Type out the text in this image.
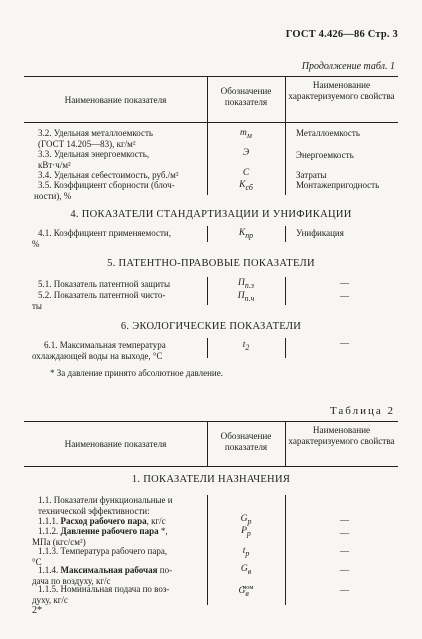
ГОСТ 4.426—86 Стр. 3
Продолжение табл. 1
Наименование показателя
Обозначение показателя
Наименование характеризуемого свойства
3.2. Удельная металлоемкость
(ГОСТ 14.205—83), кг/м²
$m_м$	Металлоемкость
3.3. Удельная энергоемкость,
кВт·ч/м²
Э	Энергоемкость
3.4. Удельная себестоимость, руб./м²	C	Затраты
3.5. Коэффициент сборности (блоч-
ности), %
$K_{сб}$	Монтажепригодность
4. ПОКАЗАТЕЛИ СТАНДАРТИЗАЦИИ И УНИФИКАЦИИ
4.1. Коэффициент применяемости,
%
$K_{пр}$	Унификация
5. ПАТЕНТНО-ПРАВОВЫЕ ПОКАЗАТЕЛИ
5.1. Показатель патентной защиты	$П_{п.з}$	—
5.2. Показатель патентной чисто-
ты
$П_{п.ч}$	—
6. ЭКОЛОГИЧЕСКИЕ ПОКАЗАТЕЛИ
6.1. Максимальная температура
охлаждающей воды на выходе, °С
$t_2$	—
* За давление принято абсолютное давление.
Таблица 2
Наименование показателя
Обозначение показателя
Наименование характеризуемого свойства
1. ПОКАЗАТЕЛИ НАЗНАЧЕНИЯ
1.1. Показатели функциональные и
технической эффективности:
1.1.1. Расход рабочего пара, кг/с	$G_р$	—
1.1.2. Давление рабочего пара *,
МПа (кгс/см²)
$P_р$	—
1.1.3. Температура рабочего пара,
°С
$t_р$	—
1.1.4. Максимальная рабочая по-
дача по воздуху, кг/с
$G_в$	—
1.1.5. Номинальная подача по воз-
духу, кг/с
$G_в^{ном}$	—
2*
